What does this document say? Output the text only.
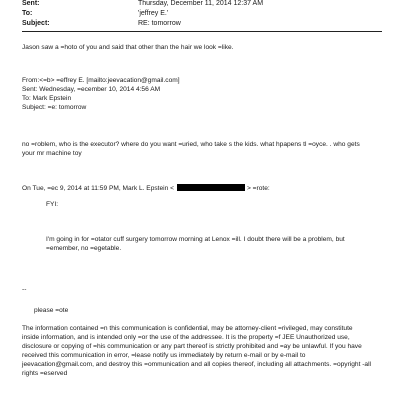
Sent:	Thursday, December 11, 2014 12:37 AM
To:	'jeffrey E.'
Subject:	RE: tomorrow
Jason saw a =hoto of you and said that other than the hair we look =like.
From:<=b> =effrey E. [mailto:jeevacation@gmail.com]
Sent: Wednesday, =ecember 10, 2014 4:56 AM
To: Mark Epstein
Subject: =e: tomorrow
no =roblem, who is the executor? where do you want =uried, who take s the kids. what hpapens tl =oyce. . who gets
your mr machine toy
On Tue, =ec 9, 2014 at 11:59 PM, Mark L. Epstein <	> =rote:
FYI:
I'm going in for =otator cuff surgery tomorrow morning at Lenox =ill. I doubt there will be a problem, but
=emember, no =egetable.
--
please =ote
The information contained =n this communication is confidential, may be attorney-client =rivileged, may constitute
inside information, and is intended only =or the use of the addressee. It is the property =f JEE Unauthorized use,
disclosure or copying of =his communication or any part thereof is strictly prohibited and =ay be unlawful. If you have
received this communication in error, =lease notify us immediately by return e-mail or by e-mail to
jeevacation@gmail.com, and destroy this =ommunication and all copies thereof, including all attachments. =opyright -all
rights =eserved
